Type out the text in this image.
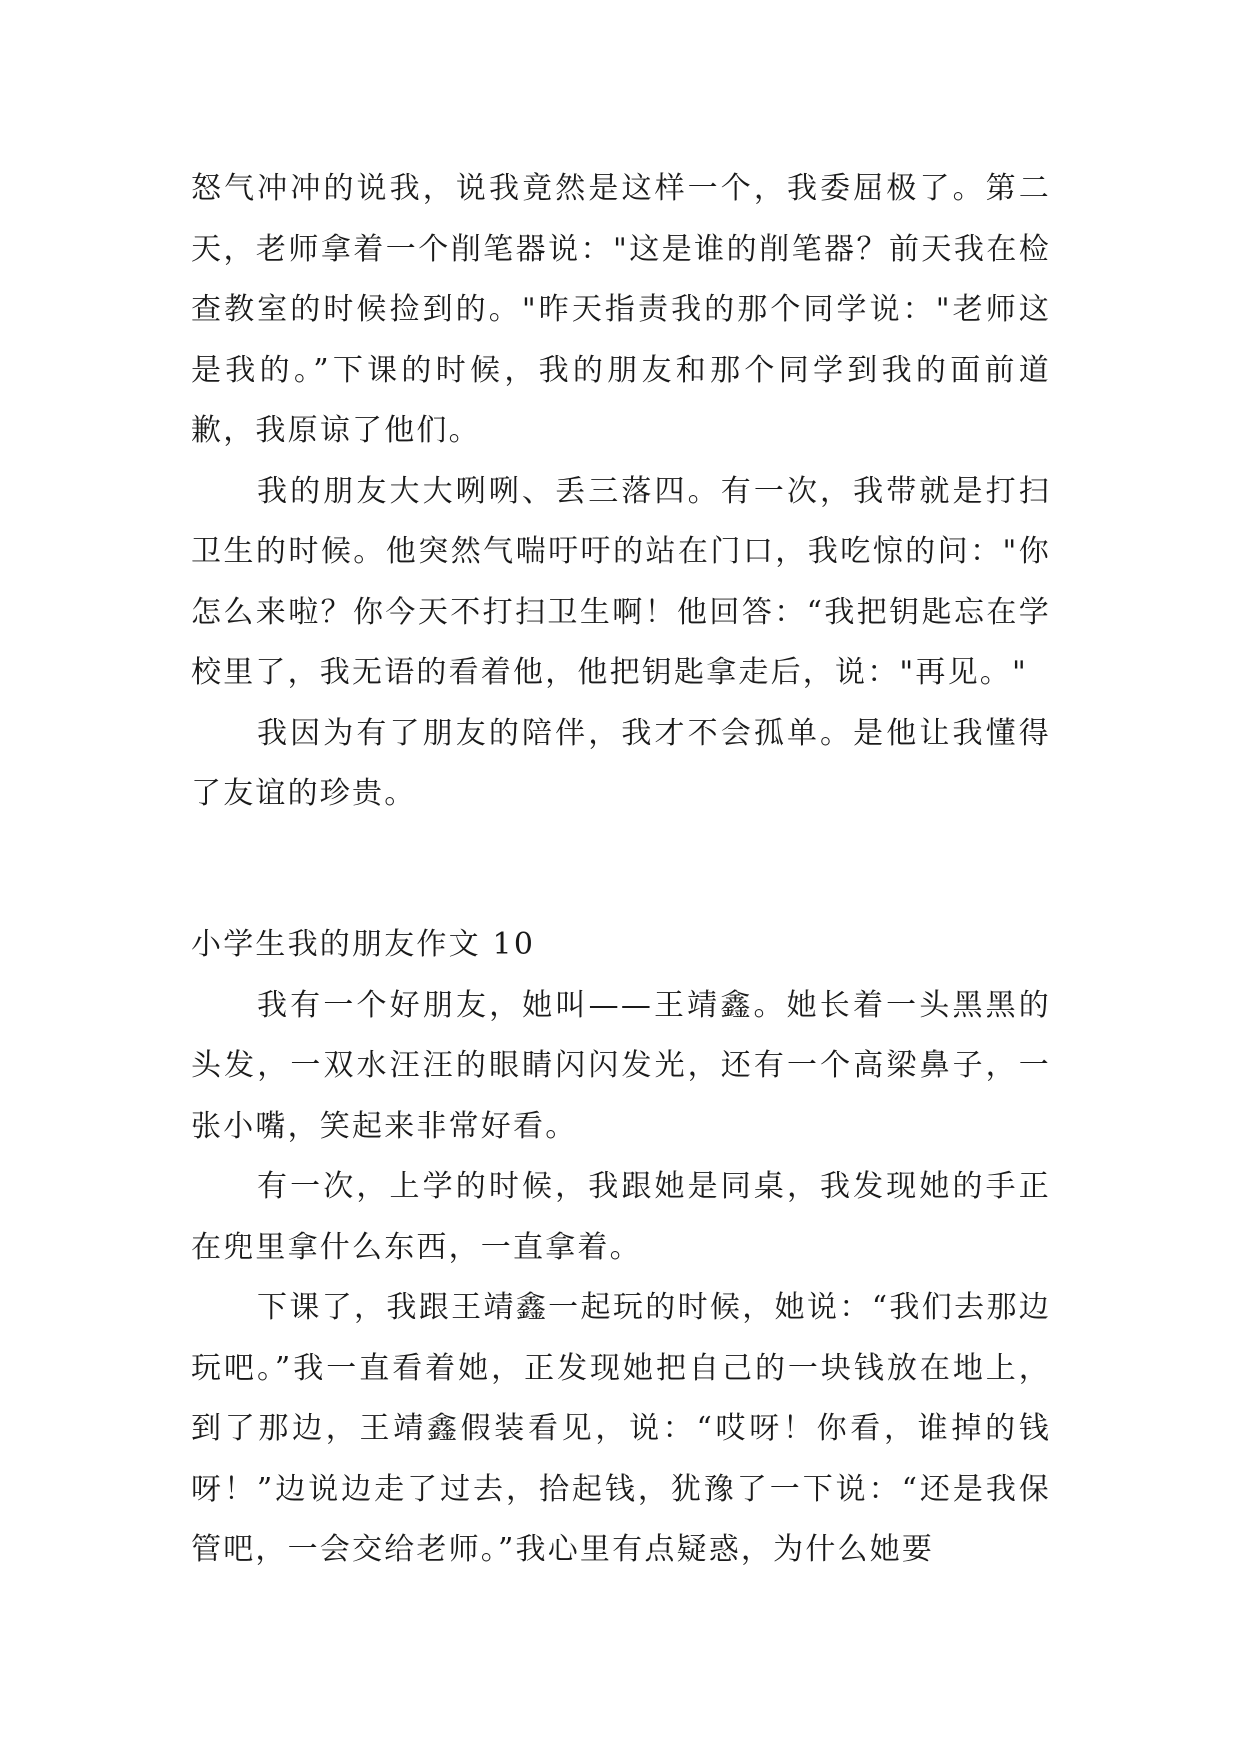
怒气冲冲的说我，说我竟然是这样一个，我委屈极了。第二天，老师拿着一个削笔器说："这是谁的削笔器？前天我在检查教室的时候捡到的。"昨天指责我的那个同学说："老师这是我的。”下课的时候，我的朋友和那个同学到我的面前道歉，我原谅了他们。

我的朋友大大咧咧、丢三落四。有一次，我带就是打扫卫生的时候。他突然气喘吁吁的站在门口，我吃惊的问："你怎么来啦？你今天不打扫卫生啊！他回答：“我把钥匙忘在学校里了，我无语的看着他，他把钥匙拿走后，说："再见。"

我因为有了朋友的陪伴，我才不会孤单。是他让我懂得了友谊的珍贵。

小学生我的朋友作文 10

我有一个好朋友，她叫——王靖鑫。她长着一头黑黑的头发，一双水汪汪的眼睛闪闪发光，还有一个高梁鼻子，一张小嘴，笑起来非常好看。

有一次，上学的时候，我跟她是同桌，我发现她的手正在兜里拿什么东西，一直拿着。

下课了，我跟王靖鑫一起玩的时候，她说：“我们去那边玩吧。”我一直看着她，正发现她把自己的一块钱放在地上，到了那边，王靖鑫假装看见，说：“哎呀！你看，谁掉的钱呀！”边说边走了过去，拾起钱，犹豫了一下说：“还是我保管吧，一会交给老师。”我心里有点疑惑，为什么她要
